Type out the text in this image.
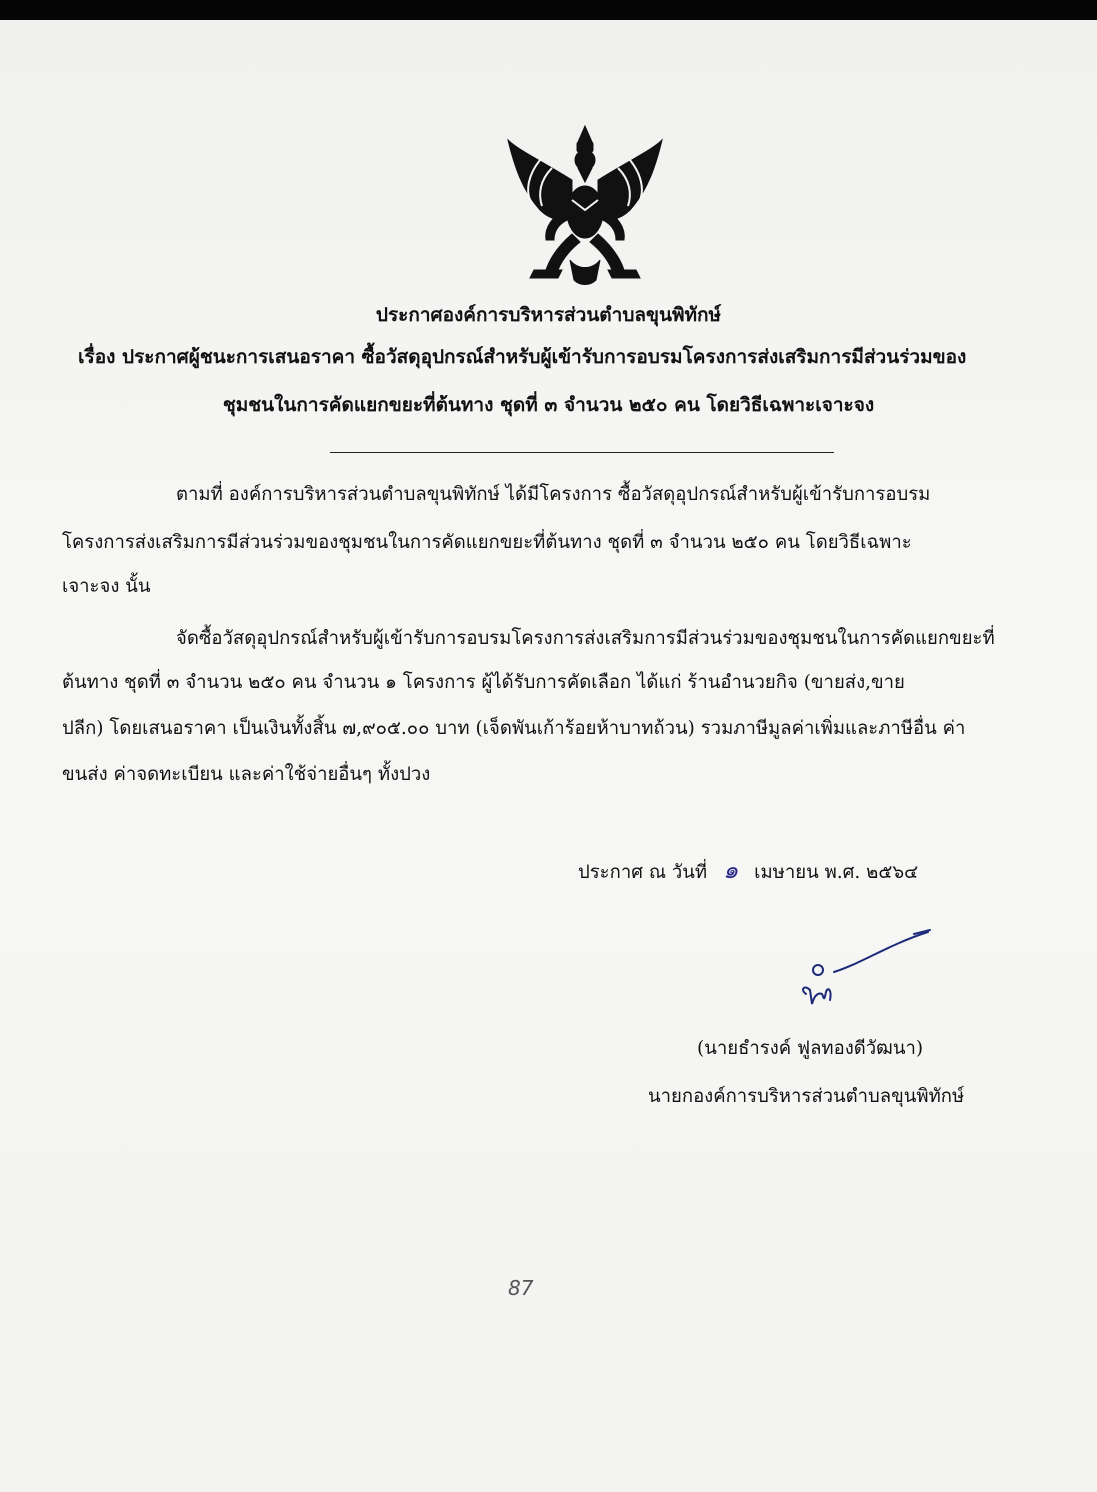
ประกาศองค์การบริหารส่วนตำบลขุนพิทักษ์
เรื่อง ประกาศผู้ชนะการเสนอราคา ซื้อวัสดุอุปกรณ์สำหรับผู้เข้ารับการอบรมโครงการส่งเสริมการมีส่วนร่วมของ
ชุมชนในการคัดแยกขยะที่ต้นทาง ชุดที่ ๓ จำนวน ๒๕๐ คน โดยวิธีเฉพาะเจาะจง
ตามที่ องค์การบริหารส่วนตำบลขุนพิทักษ์ ได้มีโครงการ ซื้อวัสดุอุปกรณ์สำหรับผู้เข้ารับการอบรม
โครงการส่งเสริมการมีส่วนร่วมของชุมชนในการคัดแยกขยะที่ต้นทาง ชุดที่ ๓ จำนวน ๒๕๐ คน โดยวิธีเฉพาะ
เจาะจง นั้น
จัดซื้อวัสดุอุปกรณ์สำหรับผู้เข้ารับการอบรมโครงการส่งเสริมการมีส่วนร่วมของชุมชนในการคัดแยกขยะที่
ต้นทาง ชุดที่ ๓ จำนวน ๒๕๐ คน จำนวน ๑ โครงการ ผู้ได้รับการคัดเลือก ได้แก่ ร้านอำนวยกิจ (ขายส่ง,ขาย
ปลีก) โดยเสนอราคา เป็นเงินทั้งสิ้น ๗,๙๐๕.๐๐ บาท (เจ็ดพันเก้าร้อยห้าบาทถ้วน) รวมภาษีมูลค่าเพิ่มและภาษีอื่น ค่า
ขนส่ง ค่าจดทะเบียน และค่าใช้จ่ายอื่นๆ ทั้งปวง
ประกาศ ณ วันที่ ๑ เมษายน พ.ศ. ๒๕๖๔
(นายธำรงค์ ฟูลทองดีวัฒนา)
นายกองค์การบริหารส่วนตำบลขุนพิทักษ์
87
